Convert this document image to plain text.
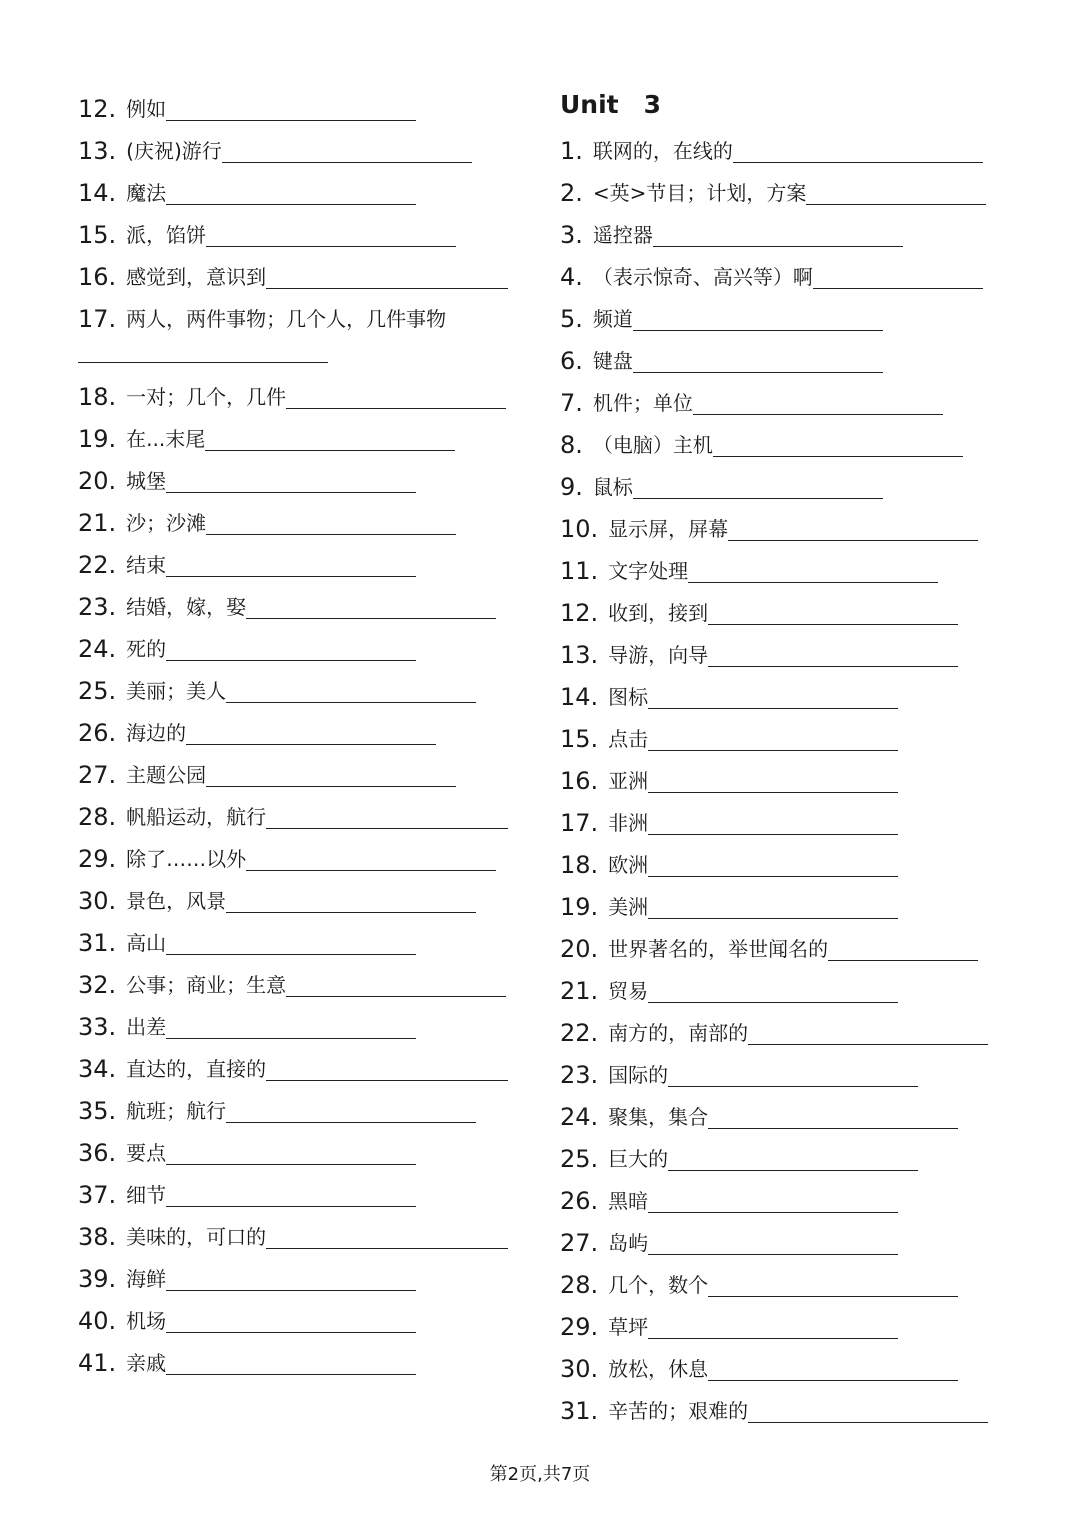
12. 例如
13. (庆祝)游行
14. 魔法
15. 派，馅饼
16. 感觉到，意识到
17. 两人，两件事物；几个人，几件事物
18. 一对；几个，几件
19. 在...末尾
20. 城堡
21. 沙；沙滩
22. 结束
23. 结婚，嫁，娶
24. 死的
25. 美丽；美人
26. 海边的
27. 主题公园
28. 帆船运动，航行
29. 除了……以外
30. 景色，风景
31. 高山
32. 公事；商业；生意
33. 出差
34. 直达的，直接的
35. 航班；航行
36. 要点
37. 细节
38. 美味的，可口的
39. 海鲜
40. 机场
41. 亲戚
Unit　3
1. 联网的，在线的
2. <英>节目；计划，方案
3. 遥控器
4. （表示惊奇、高兴等）啊
5. 频道
6. 键盘
7. 机件；单位
8. （电脑）主机
9. 鼠标
10. 显示屏，屏幕
11. 文字处理
12. 收到，接到
13. 导游，向导
14. 图标
15. 点击
16. 亚洲
17. 非洲
18. 欧洲
19. 美洲
20. 世界著名的，举世闻名的
21. 贸易
22. 南方的，南部的
23. 国际的
24. 聚集，集合
25. 巨大的
26. 黑暗
27. 岛屿
28. 几个，数个
29. 草坪
30. 放松，休息
31. 辛苦的；艰难的
第2页,共7页
